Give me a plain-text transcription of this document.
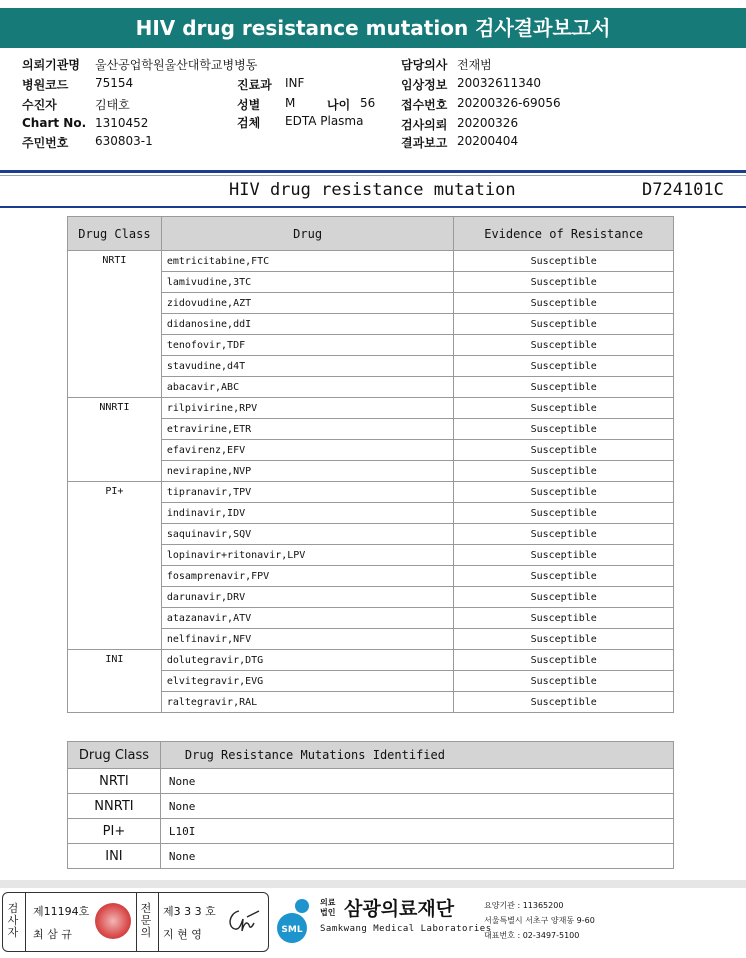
HIV drug resistance mutation 검사결과보고서
의뢰기관명 울산공업학원울산대학교병병동
병원코드 75154
수진자	김태호
Chart No. 1310452
주민번호 630803-1
진료과 INF
성별 M	나이 56
검체 EDTA Plasma
담당의사 전재범
임상정보 20032611340
접수번호 20200326-69056
검사의뢰 20200326
결과보고 20200404
HIV drug resistance mutation	D724101C
Drug Class	Drug	Evidence of Resistance
NRTI	emtricitabine,FTC	Susceptible
	lamivudine,3TC	Susceptible
	zidovudine,AZT	Susceptible
	didanosine,ddI	Susceptible
	tenofovir,TDF	Susceptible
	stavudine,d4T	Susceptible
	abacavir,ABC	Susceptible
NNRTI	rilpivirine,RPV	Susceptible
	etravirine,ETR	Susceptible
	efavirenz,EFV	Susceptible
	nevirapine,NVP	Susceptible
PI+	tipranavir,TPV	Susceptible
	indinavir,IDV	Susceptible
	saquinavir,SQV	Susceptible
	lopinavir+ritonavir,LPV	Susceptible
	fosamprenavir,FPV	Susceptible
	darunavir,DRV	Susceptible
	atazanavir,ATV	Susceptible
	nelfinavir,NFV	Susceptible
INI	dolutegravir,DTG	Susceptible
	elvitegravir,EVG	Susceptible
	raltegravir,RAL	Susceptible
Drug Class	Drug Resistance Mutations Identified
NRTI	None
NNRTI	None
PI+	L10I
INI	None
검사자
제11194호
최 삼 규
전문의
제3 3 3 호
지 현 영	SML
의료법인 삼광의료재단
Samkwang Medical Laboratories
요양기관 : 11365200
서울특별시 서초구 양재동 9-60
대표번호 : 02-3497-5100
